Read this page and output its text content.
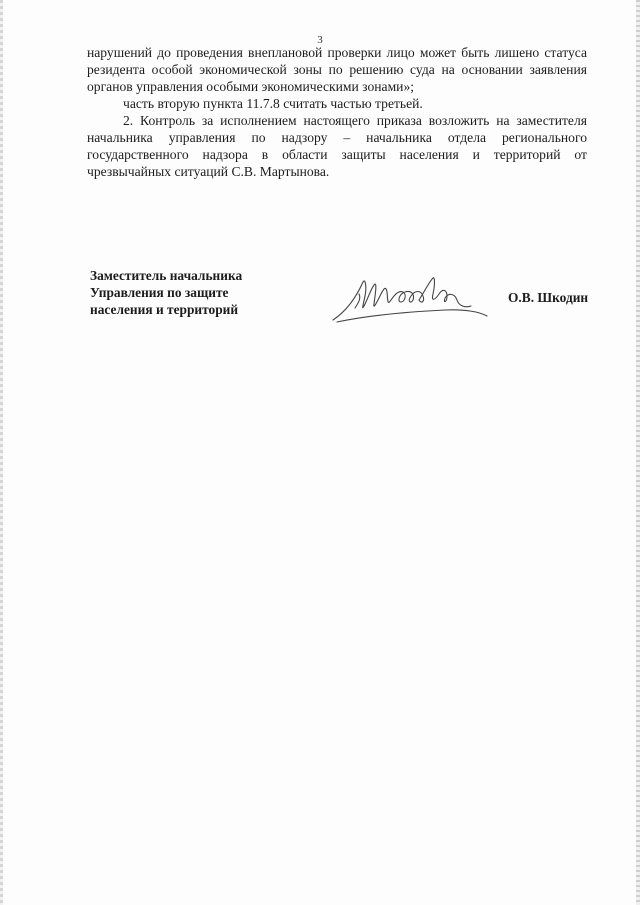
3

нарушений до проведения внеплановой проверки лицо может быть лишено статуса резидента особой экономической зоны по решению суда на основании заявления органов управления особыми экономическими зонами»;

часть вторую пункта 11.7.8 считать частью третьей.

2. Контроль за исполнением настоящего приказа возложить на заместителя начальника управления по надзору – начальника отдела регионального государственного надзора в области защиты населения и территорий от чрезвычайных ситуаций С.В. Мартынова.

Заместитель начальника
Управления по защите
населения и территорий
О.В. Шкодин
